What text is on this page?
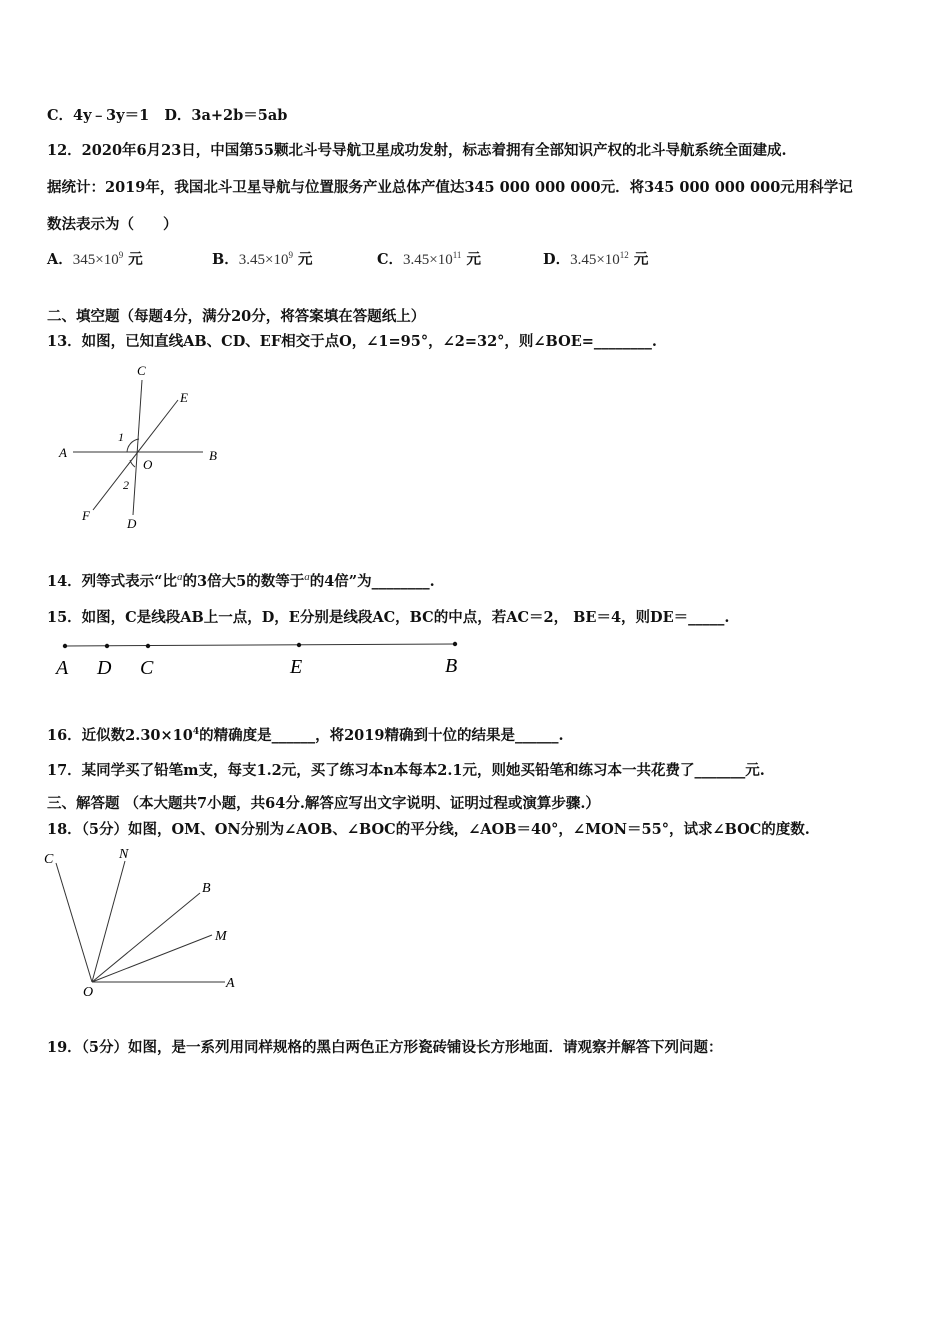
C．4y﹣3y＝1 D．3a+2b＝5ab
12．2020年6月23日，中国第55颗北斗号导航卫星成功发射，标志着拥有全部知识产权的北斗导航系统全面建成.
据统计：2019年，我国北斗卫星导航与位置服务产业总体产值达345 000 000 000元．将345 000 000 000元用科学记
数法表示为（　　）
A．$345\times 10^9$ 元	B．$3.45\times 10^9$ 元	C．$3.45\times 10^{11}$ 元	D．$3.45\times 10^{12}$ 元
二、填空题（每题4分，满分20分，将答案填在答题纸上）
13．如图，已知直线AB、CD、EF相交于点O，∠1=95°，∠2=32°，则∠BOE=________.
C
E
A	B
O
F
D
1
2
14．列等式表示“比$^a$的3倍大5的数等于$^a$的4倍”为________.
15．如图，C是线段AB上一点，D，E分别是线段AC，BC的中点，若AC＝2， BE＝4，则DE＝_____.
A D C	E	B
16．近似数$2.30\times 10^4$的精确度是______，将2019精确到十位的结果是______.
17．某同学买了铅笔m支，每支1.2元，买了练习本n本每本2.1元，则她买铅笔和练习本一共花费了_______元.
三、解答题 （本大题共7小题，共64分.解答应写出文字说明、证明过程或演算步骤.）
18．（5分）如图，OM、ON分别为∠AOB、∠BOC的平分线，∠AOB＝40°，∠MON＝55°，试求∠BOC的度数.
C	N
B
M
O
A
19．（5分）如图，是一系列用同样规格的黑白两色正方形瓷砖铺设长方形地面．请观察并解答下列问题：
